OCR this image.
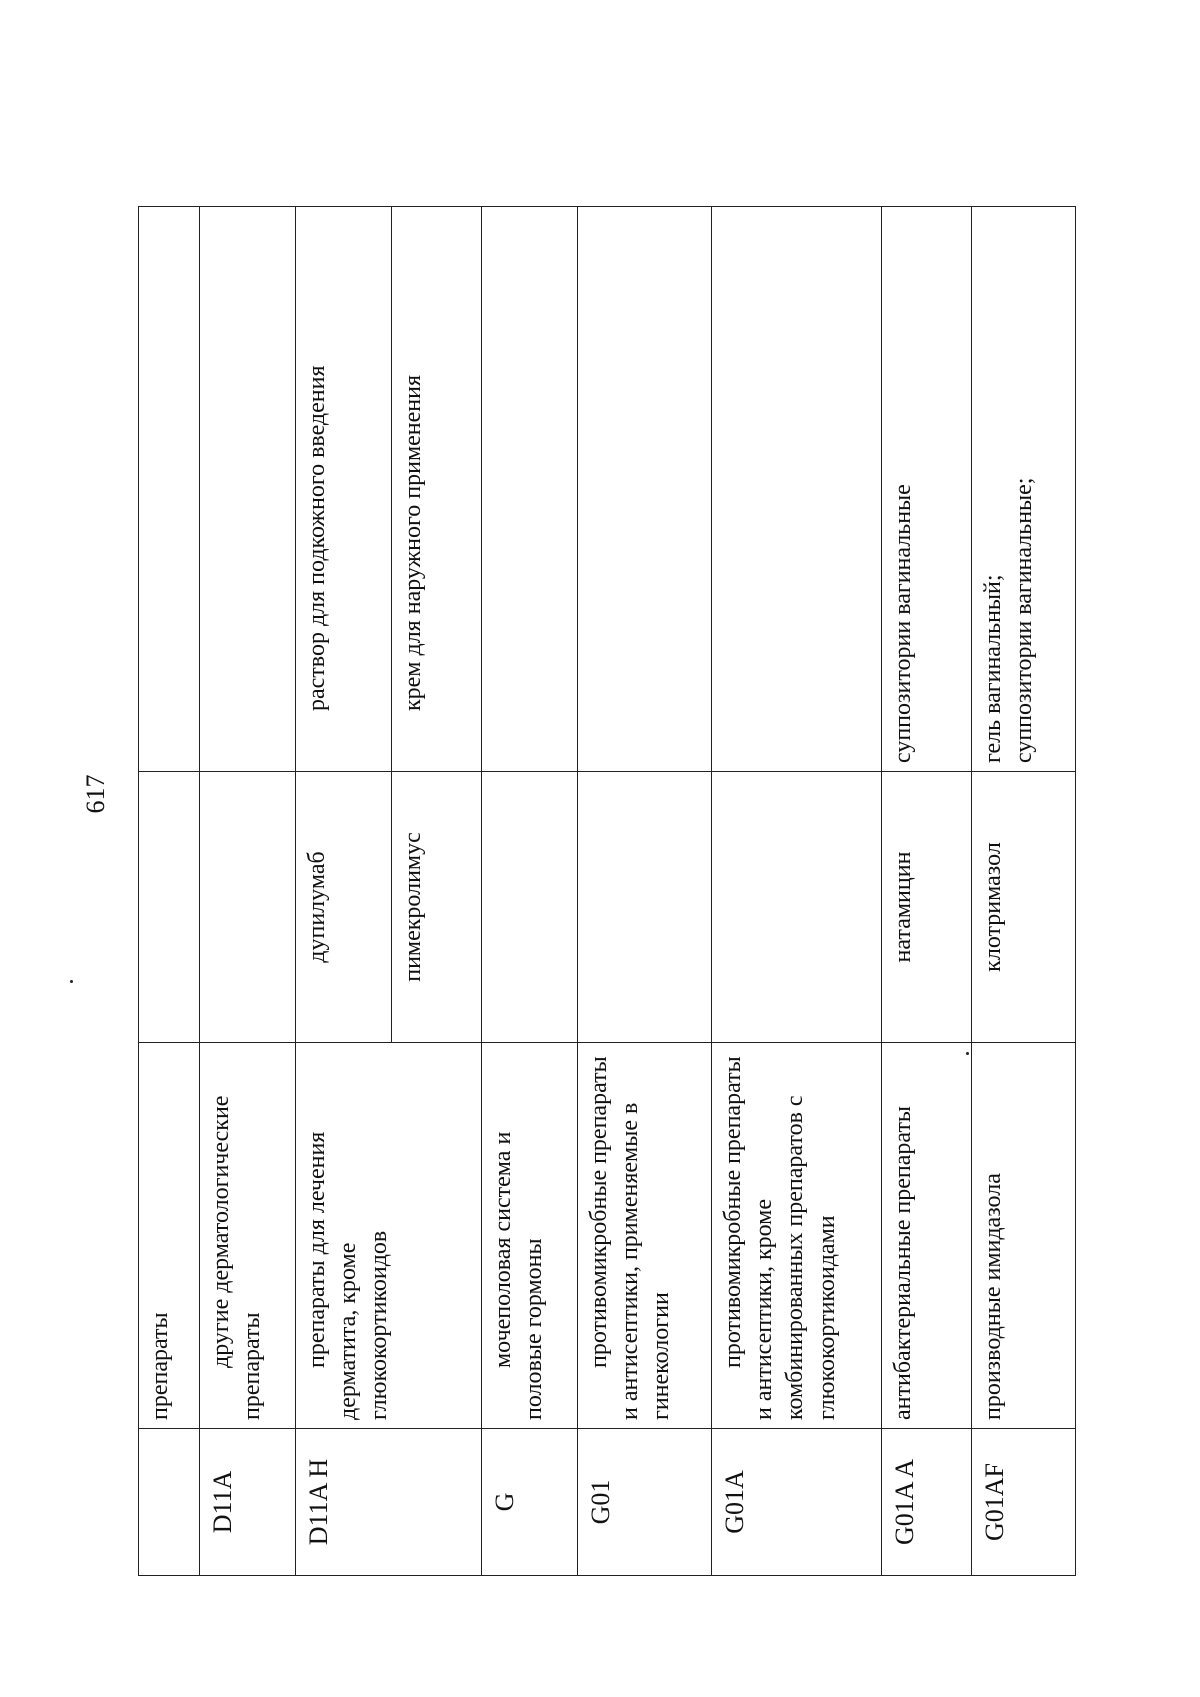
617
	препараты		
D11A	другие дерматологические препараты		
D11A H	препараты для лечения дерматита, кроме глюкокортикоидов	дупилумаб	раствор для подкожного введения
		пимекролимус	крем для наружного применения
G	мочеполовая система и половые гормоны		
G01	противомикробные препараты и антисептики, применяемые в гинекологии		
G01A	противомикробные препараты и антисептики, кроме комбинированных препаратов с глюкокортикоидами		
G01A A	антибактериальные препараты	натамицин	суппозитории вагинальные
G01AF	производные имидазола	клотримазол	гель вагинальный; суппозитории вагинальные;
